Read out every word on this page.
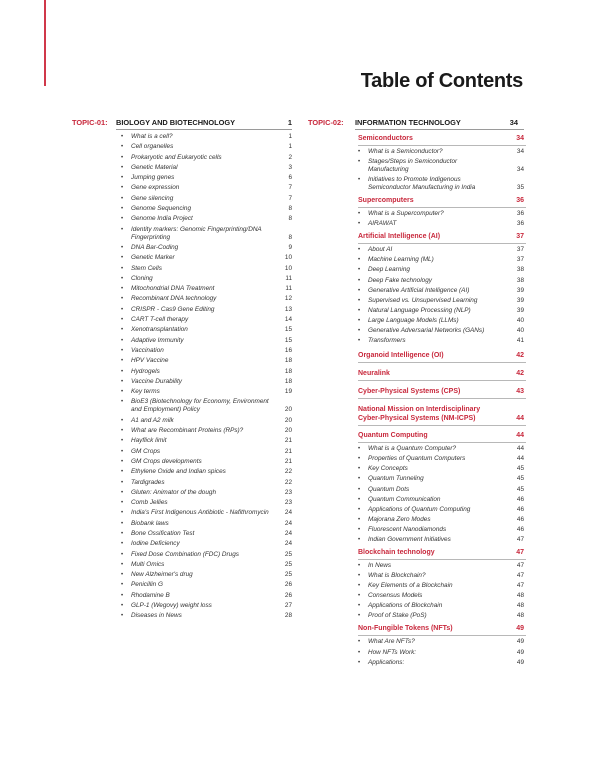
Table of Contents
TOPIC-01: BIOLOGY AND BIOTECHNOLOGY	1
• What is a cell?	1
• Cell organelles	1
• Prokaryotic and Eukaryotic cells	2
• Genetic Material	3
• Jumping genes	6
• Gene expression	7
• Gene silencing	7
• Genome Sequencing	8
• Genome India Project	8
• Identity markers: Genomic Fingerprinting/DNA Fingerprinting	8
• DNA Bar-Coding	9
• Genetic Marker	10
• Stem Cells	10
• Cloning	11
• Mitochondrial DNA Treatment	11
• Recombinant DNA technology	12
• CRISPR - Cas9 Gene Editing	13
• CART T-cell therapy	14
• Xenotransplantation	15
• Adaptive Immunity	15
• Vaccination	16
• HPV Vaccine	18
• Hydrogels	18
• Vaccine Durability	18
• Key terms	19
• BioE3 (Biotechnology for Economy, Environment and Employment) Policy	20
• A1 and A2 milk	20
• What are Recombinant Proteins (RPs)?	20
• Hayflick limit	21
• GM Crops	21
• GM Crops developments	21
• Ethylene Oxide and Indian spices	22
• Tardigrades	22
• Gluten: Animator of the dough	23
• Comb Jellies	23
• India's First Indigenous Antibiotic - Nafithromycin	24
• Biobank laws	24
• Bone Ossification Test	24
• Iodine Deficiency	24
• Fixed Dose Combination (FDC) Drugs	25
• Multi Omics	25
• New Alzheimer's drug	25
• Penicillin G	26
• Rhodamine B	26
• GLP-1 (Wegovy) weight loss	27
• Diseases in News	28
TOPIC-02: INFORMATION TECHNOLOGY	34
Semiconductors	34
• What is a Semiconductor?	34
• Stages/Steps in Semiconductor Manufacturing	34
• Initiatives to Promote Indigenous Semiconductor Manufacturing in India	35
Supercomputers	36
• What is a Supercomputer?	36
• AIRAWAT	36
Artificial Intelligence (AI)	37
• About AI	37
• Machine Learning (ML)	37
• Deep Learning	38
• Deep Fake technology	38
• Generative Artificial Intelligence (AI)	39
• Supervised vs. Unsupervised Learning	39
• Natural Language Processing (NLP)	39
• Large Language Models (LLMs)	40
• Generative Adversarial Networks (GANs)	40
• Transformers	41
Organoid Intelligence (OI)	42
Neuralink	42
Cyber-Physical Systems (CPS)	43
National Mission on Interdisciplinary Cyber-Physical Systems (NM-ICPS)	44
Quantum Computing	44
• What is a Quantum Computer?	44
• Properties of Quantum Computers	44
• Key Concepts	45
• Quantum Tunneling	45
• Quantum Dots	45
• Quantum Communication	46
• Applications of Quantum Computing	46
• Majorana Zero Modes	46
• Fluorescent Nanodiamonds	46
• Indian Government Initiatives	47
Blockchain technology	47
• In News	47
• What is Blockchain?	47
• Key Elements of a Blockchain	47
• Consensus Models	48
• Applications of Blockchain	48
• Proof of Stake (PoS)	48
Non-Fungible Tokens (NFTs)	49
• What Are NFTs?	49
• How NFTs Work:	49
• Applications:	49
